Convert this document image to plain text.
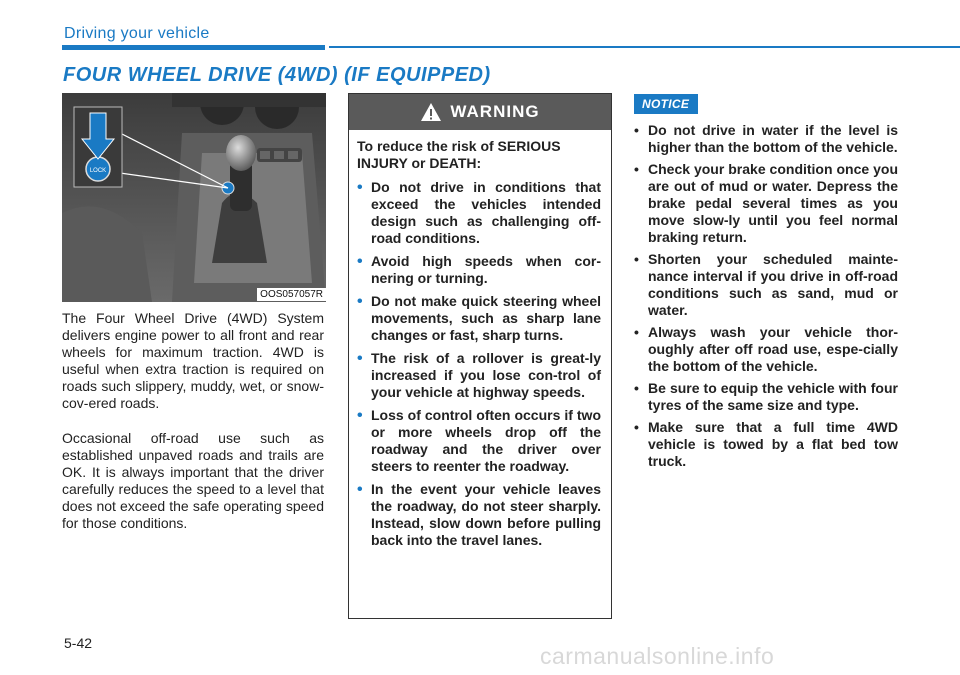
Driving your vehicle
FOUR WHEEL DRIVE (4WD) (IF EQUIPPED)
LOCK
OOS057057R

The Four Wheel Drive (4WD) System delivers engine power to all front and rear wheels for maximum traction. 4WD is useful when extra traction is required on roads such slippery, muddy, wet, or snow-cov-ered roads.

Occasional off-road use such as established unpaved roads and trails are OK. It is always important that the driver carefully reduces the speed to a level that does not exceed the safe operating speed for those conditions.

WARNING

To reduce the risk of SERIOUS INJURY or DEATH:

• Do not drive in conditions that exceed the vehicles intended design such as challenging off-road conditions.
• Avoid high speeds when cor-nering or turning.
• Do not make quick steering wheel movements, such as sharp lane changes or fast, sharp turns.
• The risk of a rollover is great-ly increased if you lose con-trol of your vehicle at highway speeds.
• Loss of control often occurs if two or more wheels drop off the roadway and the driver over steers to reenter the roadway.
• In the event your vehicle leaves the roadway, do not steer sharply. Instead, slow down before pulling back into the travel lanes.
NOTICE
• Do not drive in water if the level is higher than the bottom of the vehicle.
• Check your brake condition once you are out of mud or water. Depress the brake pedal several times as you move slow-ly until you feel normal braking return.
• Shorten your scheduled mainte-nance interval if you drive in off-road conditions such as sand, mud or water.
• Always wash your vehicle thor-oughly after off road use, espe-cially the bottom of the vehicle.
• Be sure to equip the vehicle with four tyres of the same size and type.
• Make sure that a full time 4WD vehicle is towed by a flat bed tow truck.
5-42	carmanualsonline.info
